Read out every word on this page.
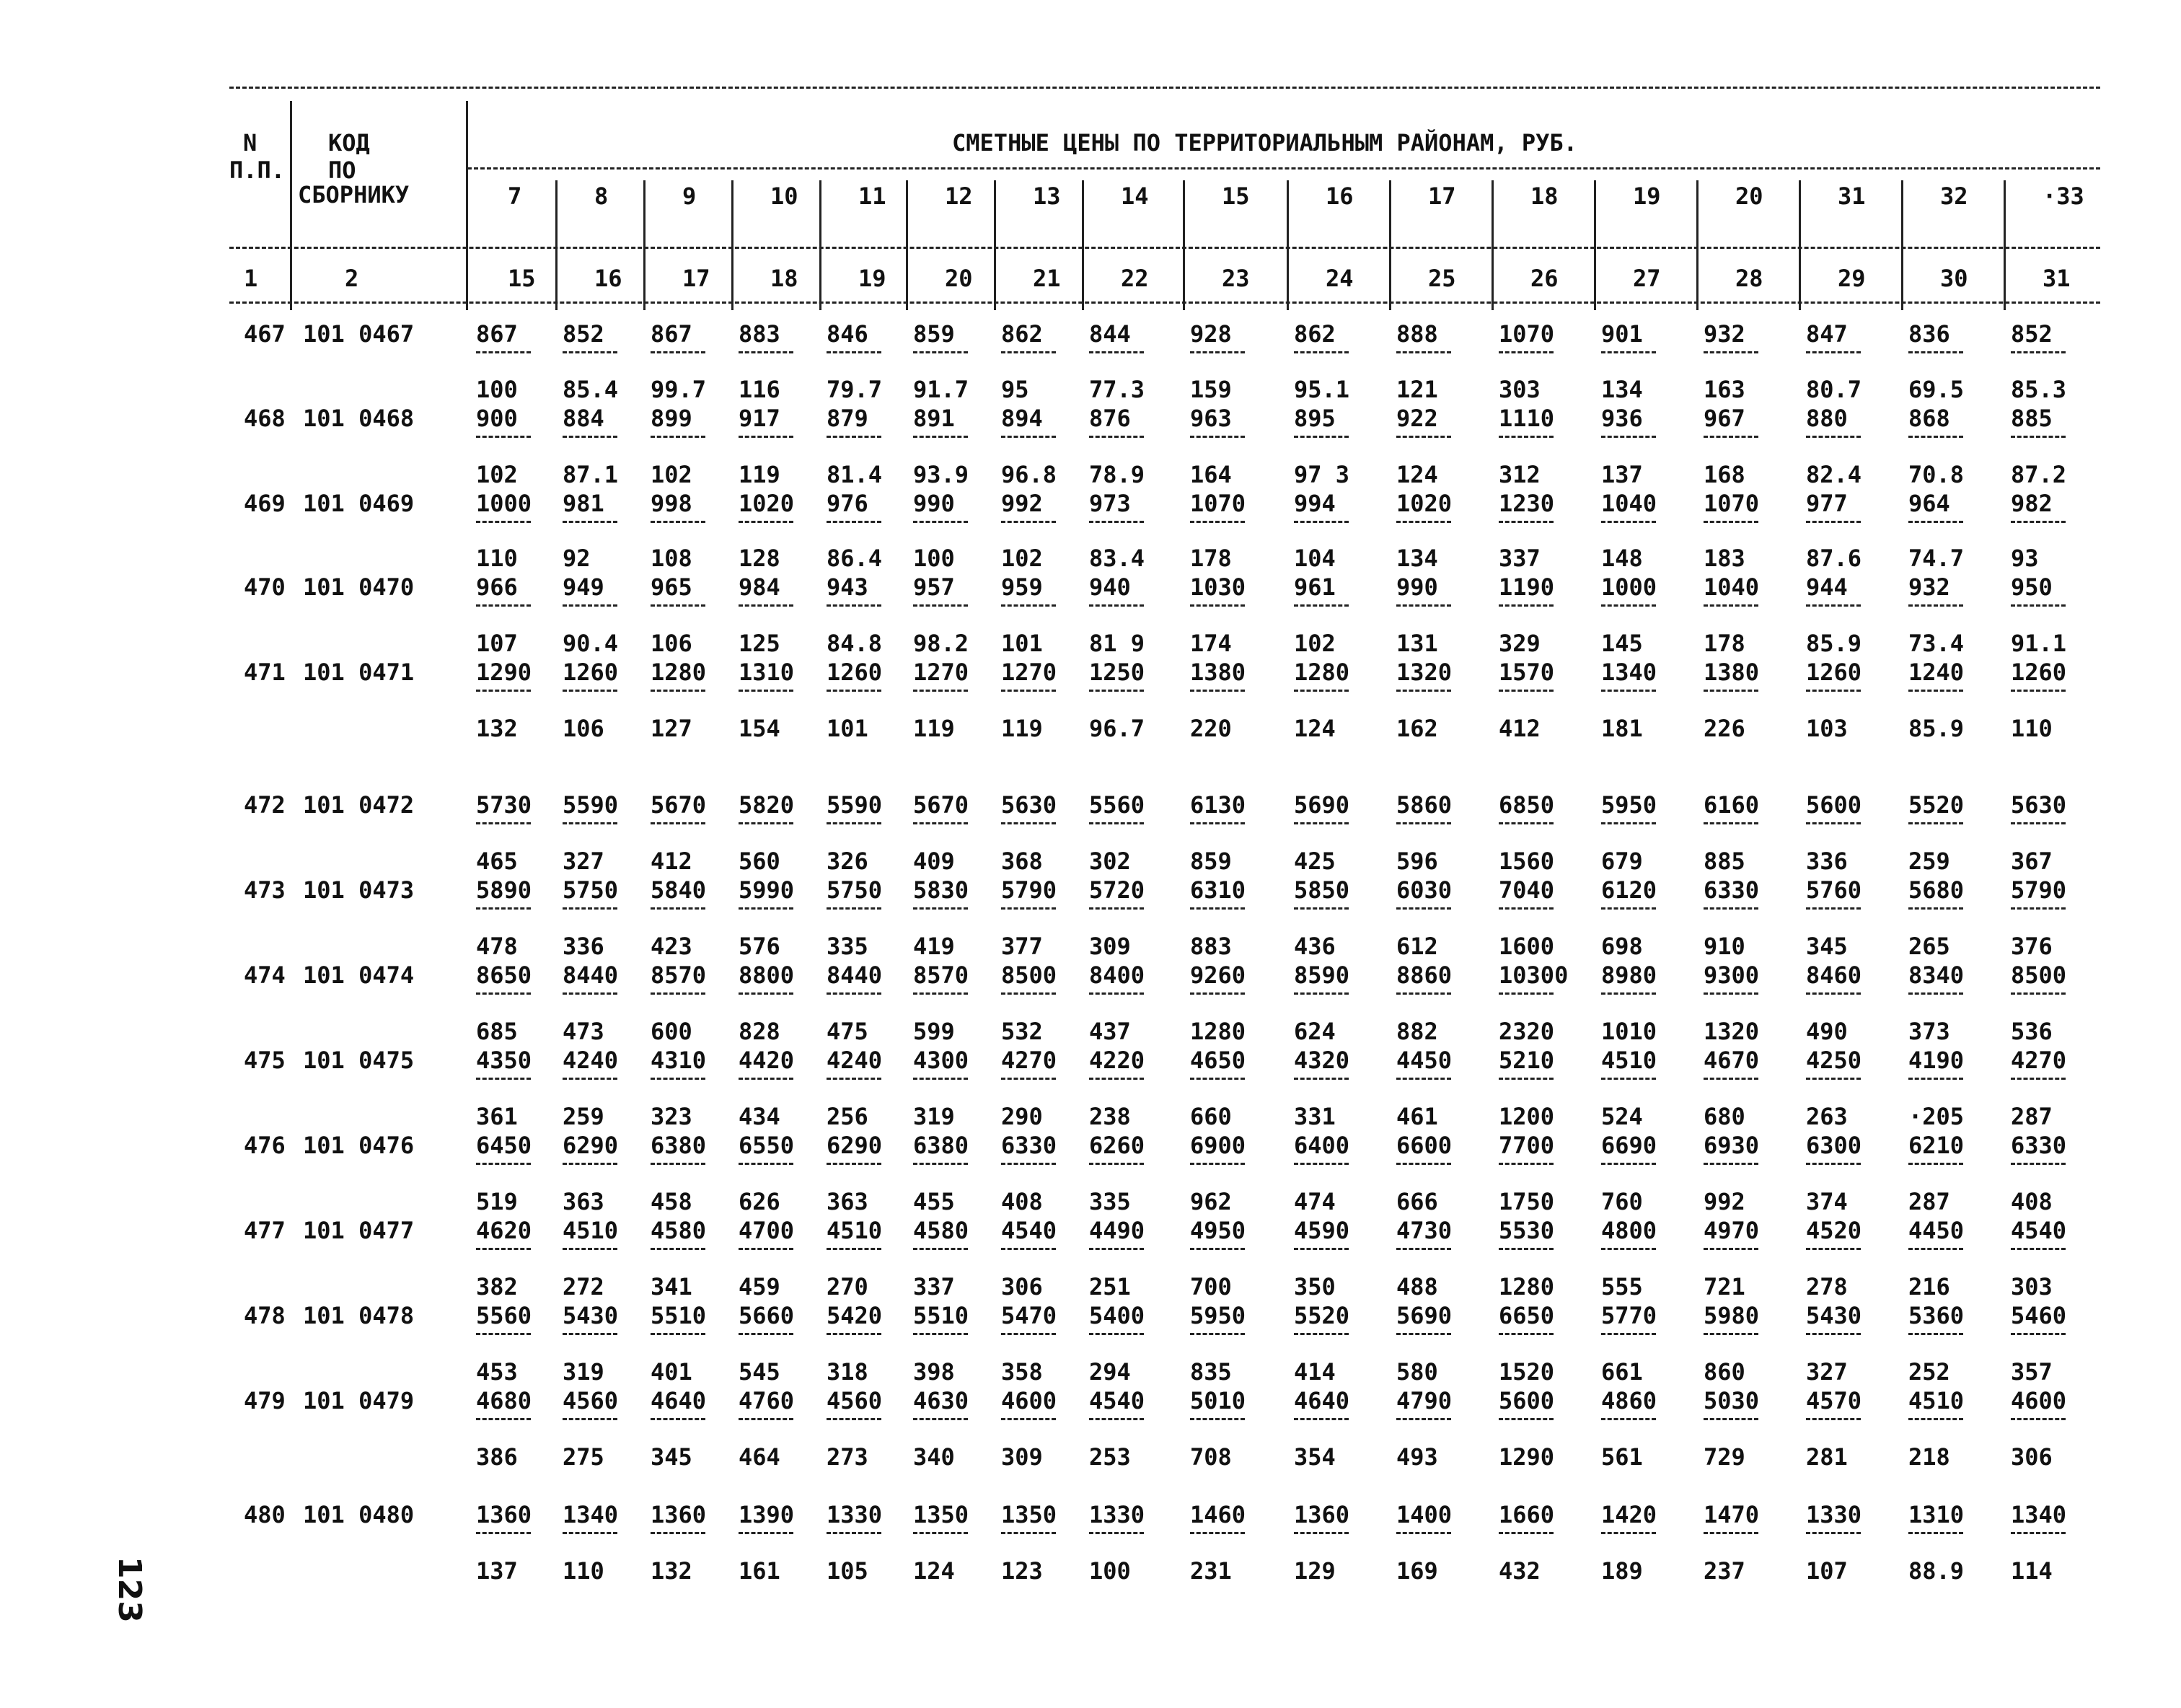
N
П.П.
КОД
ПО
СБОРНИКУ
СМЕТНЫЕ ЦЕНЫ ПО ТЕРРИТОРИАЛЬНЫМ РАЙОНАМ, РУБ.
7	8	9	10	11	12	13	14	15	16	17	18	19	20	31	32	·33
1	2	15	16	17	18	19	20	21	22	23	24	25	26	27	28	29	30	31
467 101 0467	867 852 867 883 846 859 862 844	928	862	888	1070 901	932	847	836	852
100 85.4 99.7 116 79.7 91.7 95	77.3 159	95.1 121	303	134	163	80.7 69.5 85.3
468 101 0468	900 884 899 917 879 891 894 876	963	895	922	1110 936	967	880	868	885
102 87.1 102 119 81.4 93.9 96.8 78.9 164	97 3 124	312	137	168	82.4 70.8 87.2
469 101 0469	1000 981 998 1020 976 990 992 973	1070 994	1020 1230 1040 1070 977	964	982
110 92	108 128 86.4 100 102 83.4 178	104	134	337	148	183	87.6 74.7 93
470 101 0470	966 949 965 984 943 957 959 940	1030 961	990	1190 1000 1040 944	932	950
107 90.4 106 125 84.8 98.2 101 81 9 174	102	131	329	145	178	85.9 73.4 91.1
471 101 0471	1290 1260 1280 1310 1260 1270 1270 1250 1380 1280 1320 1570 1340 1380 1260 1240 1260
132 106 127 154 101 119 119 96.7 220	124	162	412	181	226	103	85.9 110
472 101 0472	5730 5590 5670 5820 5590 5670 5630 5560 6130 5690 5860 6850 5950 6160 5600 5520 5630
465 327 412 560 326 409 368 302	859	425	596	1560 679	885	336	259	367
473 101 0473	5890 5750 5840 5990 5750 5830 5790 5720 6310 5850 6030 7040 6120 6330 5760 5680 5790
478 336 423 576 335 419 377 309	883	436	612	1600 698	910	345	265	376
474 101 0474	8650 8440 8570 8800 8440 8570 8500 8400 9260 8590 8860 10300 8980 9300 8460 8340 8500
685 473 600 828 475 599 532 437	1280 624	882	2320 1010 1320 490	373	536
475 101 0475	4350 4240 4310 4420 4240 4300 4270 4220 4650 4320 4450 5210 4510 4670 4250 4190 4270
361 259 323 434 256 319 290 238	660	331	461	1200 524	680	263	·205 287
476 101 0476	6450 6290 6380 6550 6290 6380 6330 6260 6900 6400 6600 7700 6690 6930 6300 6210 6330
519 363 458 626 363 455 408 335	962	474	666	1750 760	992	374	287	408
477 101 0477	4620 4510 4580 4700 4510 4580 4540 4490 4950 4590 4730 5530 4800 4970 4520 4450 4540
382 272 341 459 270 337 306 251	700	350	488	1280 555	721	278	216	303
478 101 0478	5560 5430 5510 5660 5420 5510 5470 5400 5950 5520 5690 6650 5770 5980 5430 5360 5460
453 319 401 545 318 398 358 294	835	414	580	1520 661	860	327	252	357
479 101 0479	4680 4560 4640 4760 4560 4630 4600 4540 5010 4640 4790 5600 4860 5030 4570 4510 4600
386 275 345 464 273 340 309 253	708	354	493	1290 561	729	281	218	306
480 101 0480	1360 1340 1360 1390 1330 1350 1350 1330 1460 1360 1400 1660 1420 1470 1330 1310 1340
137 110 132 161 105 124 123 100	231	129	169	432	189	237	107	88.9 114
123
